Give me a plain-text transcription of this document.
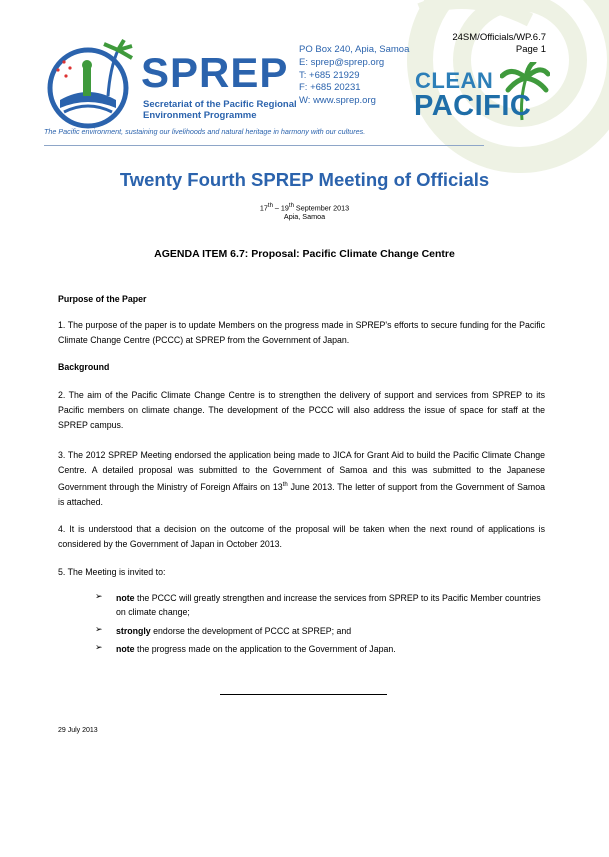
SPREP
Secretariat of the Pacific Regional
Environment Programme
PO Box 240, Apia, Samoa
E: sprep@sprep.org
T: +685 21929
F: +685 20231
W: www.sprep.org
24SM/Officials/WP.6.7
Page 1
CLEAN
PACIFIC
The Pacific environment, sustaining our livelihoods and natural heritage in harmony with our cultures.
Twenty Fourth SPREP Meeting of Officials
17th – 19th September 2013
Apia, Samoa
AGENDA ITEM 6.7: Proposal: Pacific Climate Change Centre
Purpose of the Paper
1. The purpose of the paper is to update Members on the progress made in SPREP's efforts to secure funding for the Pacific Climate Change Centre (PCCC) at SPREP from the Government of Japan.
Background
2. The aim of the Pacific Climate Change Centre is to strengthen the delivery of support and services from SPREP to its Pacific members on climate change. The development of the PCCC will also address the issue of space for staff at the SPREP campus.
3. The 2012 SPREP Meeting endorsed the application being made to JICA for Grant Aid to build the Pacific Climate Change Centre. A detailed proposal was submitted to the Government of Samoa and this was submitted to the Japanese Government through the Ministry of Foreign Affairs on 13th June 2013. The letter of support from the Government of Samoa is attached.
4. It is understood that a decision on the outcome of the proposal will be taken when the next round of applications is considered by the Government of Japan in October 2013.
5. The Meeting is invited to:
➢ note the PCCC will greatly strengthen and increase the services from SPREP to its Pacific Member countries on climate change;
➢ strongly endorse the development of PCCC at SPREP; and
➢ note the progress made on the application to the Government of Japan.
29 July 2013
